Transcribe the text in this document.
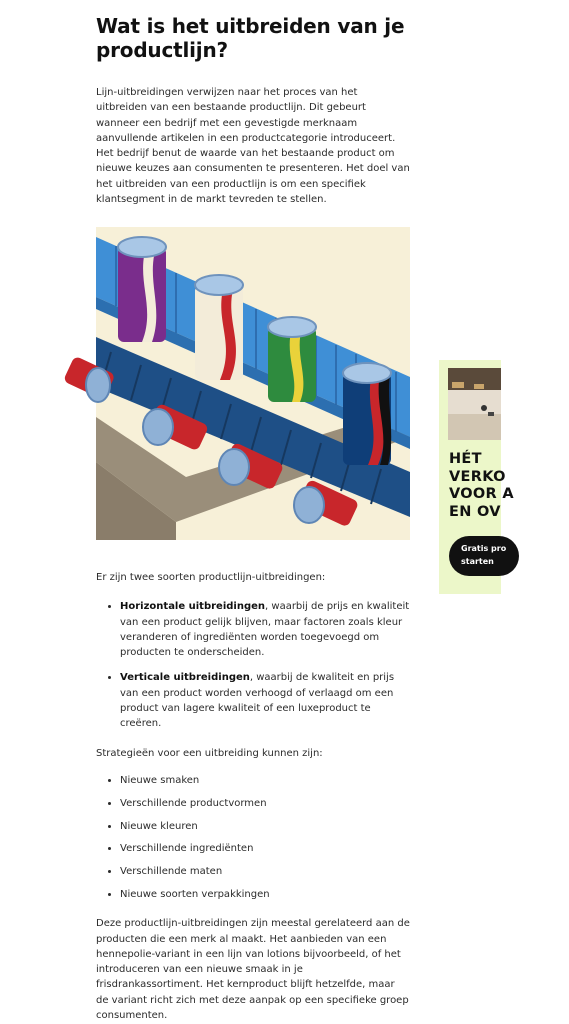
Wat is het uitbreiden van je productlijn?

Lijn-uitbreidingen verwijzen naar het proces van het uitbreiden van een bestaande productlijn. Dit gebeurt wanneer een bedrijf met een gevestigde merknaam aanvullende artikelen in een productcategorie introduceert. Het bedrijf benut de waarde van het bestaande product om nieuwe keuzes aan consumenten te presenteren. Het doel van het uitbreiden van een productlijn is om een specifiek klantsegment in de markt tevreden te stellen.

Er zijn twee soorten productlijn-uitbreidingen:

• Horizontale uitbreidingen, waarbij de prijs en kwaliteit van een product gelijk blijven, maar factoren zoals kleur veranderen of ingrediënten worden toegevoegd om producten te onderscheiden.
• Verticale uitbreidingen, waarbij de kwaliteit en prijs van een product worden verhoogd of verlaagd om een product van lagere kwaliteit of een luxeproduct te creëren.

Strategieën voor een uitbreiding kunnen zijn:

• Nieuwe smaken
• Verschillende productvormen
• Nieuwe kleuren
• Verschillende ingrediënten
• Verschillende maten
• Nieuwe soorten verpakkingen

Deze productlijn-uitbreidingen zijn meestal gerelateerd aan de producten die een merk al maakt. Het aanbieden van een hennepolie-variant in een lijn van lotions bijvoorbeeld, of het introduceren van een nieuwe smaak in je frisdrankassortiment. Het kernproduct blijft hetzelfde, maar de variant richt zich met deze aanpak op een specifieke groep consumenten.

HÉT
VERKO
VOOR A
EN OV
Gratis pro
starten
